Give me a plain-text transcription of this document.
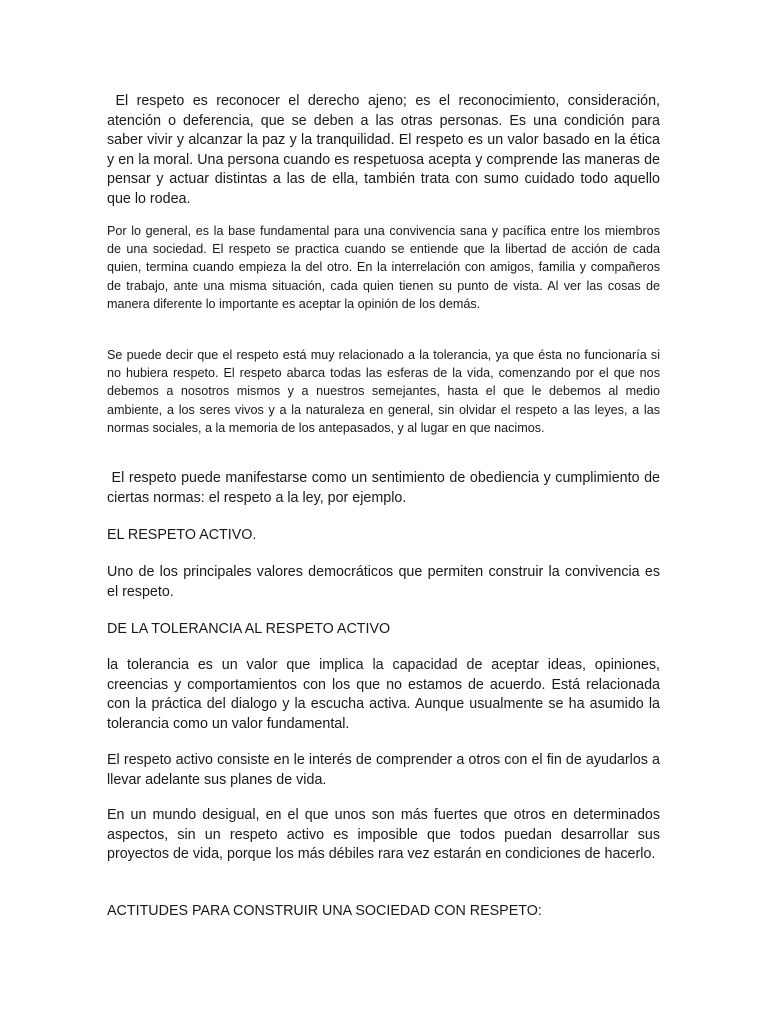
El respeto es reconocer el derecho ajeno; es el reconocimiento, consideración, atención o deferencia, que se deben a las otras personas. Es una condición para saber vivir y alcanzar la paz y la tranquilidad. El respeto es un valor basado en la ética y en la moral. Una persona cuando es respetuosa acepta y comprende las maneras de pensar y actuar distintas a las de ella, también trata con sumo cuidado todo aquello que lo rodea.

Por lo general, es la base fundamental para una convivencia sana y pacífica entre los miembros de una sociedad. El respeto se practica cuando se entiende que la libertad de acción de cada quien, termina cuando empieza la del otro. En la interrelación con amigos, familia y compañeros de trabajo, ante una misma situación, cada quien tienen su punto de vista. Al ver las cosas de manera diferente lo importante es aceptar la opinión de los demás.

Se puede decir que el respeto está muy relacionado a la tolerancia, ya que ésta no funcionaría si no hubiera respeto. El respeto abarca todas las esferas de la vida, comenzando por el que nos debemos a nosotros mismos y a nuestros semejantes, hasta el que le debemos al medio ambiente, a los seres vivos y a la naturaleza en general, sin olvidar el respeto a las leyes, a las normas sociales, a la memoria de los antepasados, y al lugar en que nacimos.

El respeto puede manifestarse como un sentimiento de obediencia y cumplimiento de ciertas normas: el respeto a la ley, por ejemplo.

EL RESPETO ACTIVO.

Uno de los principales valores democráticos que permiten construir la convivencia es el respeto.

DE LA TOLERANCIA AL RESPETO ACTIVO

la tolerancia es un valor que implica la capacidad de aceptar ideas, opiniones, creencias y comportamientos con los que no estamos de acuerdo. Está relacionada con la práctica del dialogo y la escucha activa. Aunque usualmente se ha asumido la tolerancia como un valor fundamental.

El respeto activo consiste en le interés de comprender a otros con el fin de ayudarlos a llevar adelante sus planes de vida.

En un mundo desigual, en el que unos son más fuertes que otros en determinados aspectos, sin un respeto activo es imposible que todos puedan desarrollar sus proyectos de vida, porque los más débiles rara vez estarán en condiciones de hacerlo.

ACTITUDES PARA CONSTRUIR UNA SOCIEDAD CON RESPETO:
